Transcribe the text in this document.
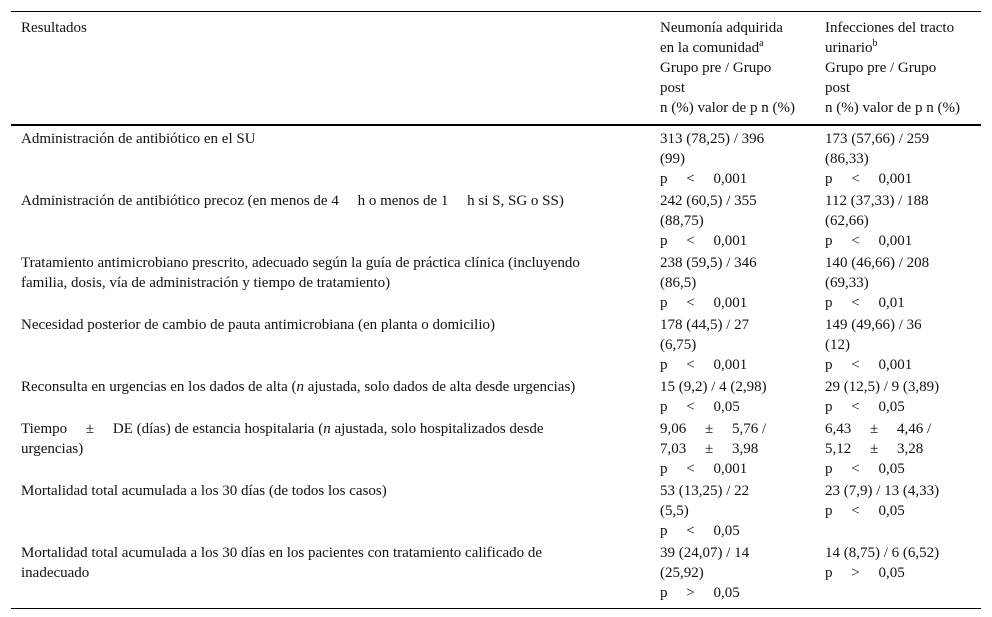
Resultados	Neumonía adquirida
en la comunidad$^a$
Grupo pre / Grupo
post
n (%) valor de p n (%)	Infecciones del tracto
urinario$^b$
Grupo pre / Grupo
post
n (%) valor de p n (%)

Administración de antibiótico en el SU	313 (78,25) / 396
(99)
p     <     0,001	173 (57,66) / 259
(86,33)
p     <     0,001

Administración de antibiótico precoz (en menos de 4     h o menos de 1     h si S, SG o SS)	242 (60,5) / 355
(88,75)
p     <     0,001	112 (37,33) / 188
(62,66)
p     <     0,001

Tratamiento antimicrobiano prescrito, adecuado según la guía de práctica clínica (incluyendo
familia, dosis, vía de administración y tiempo de tratamiento)	238 (59,5) / 346
(86,5)
p     <     0,001	140 (46,66) / 208
(69,33)
p     <     0,01

Necesidad posterior de cambio de pauta antimicrobiana (en planta o domicilio)	178 (44,5) / 27
(6,75)
p     <     0,001	149 (49,66) / 36
(12)
p     <     0,001

Reconsulta en urgencias en los dados de alta (n ajustada, solo dados de alta desde urgencias)	15 (9,2) / 4 (2,98)
p     <     0,05	29 (12,5) / 9 (3,89)
p     <     0,05

Tiempo     ±     DE (días) de estancia hospitalaria (n ajustada, solo hospitalizados desde
urgencias)	9,06     ±     5,76 /
7,03     ±     3,98
p     <     0,001	6,43     ±     4,46 /
5,12     ±     3,28
p     <     0,05

Mortalidad total acumulada a los 30 días (de todos los casos)	53 (13,25) / 22
(5,5)
p     <     0,05	23 (7,9) / 13 (4,33)
p     <     0,05

Mortalidad total acumulada a los 30 días en los pacientes con tratamiento calificado de
inadecuado	39 (24,07) / 14
(25,92)
p     >     0,05	14 (8,75) / 6 (6,52)
p     >     0,05
